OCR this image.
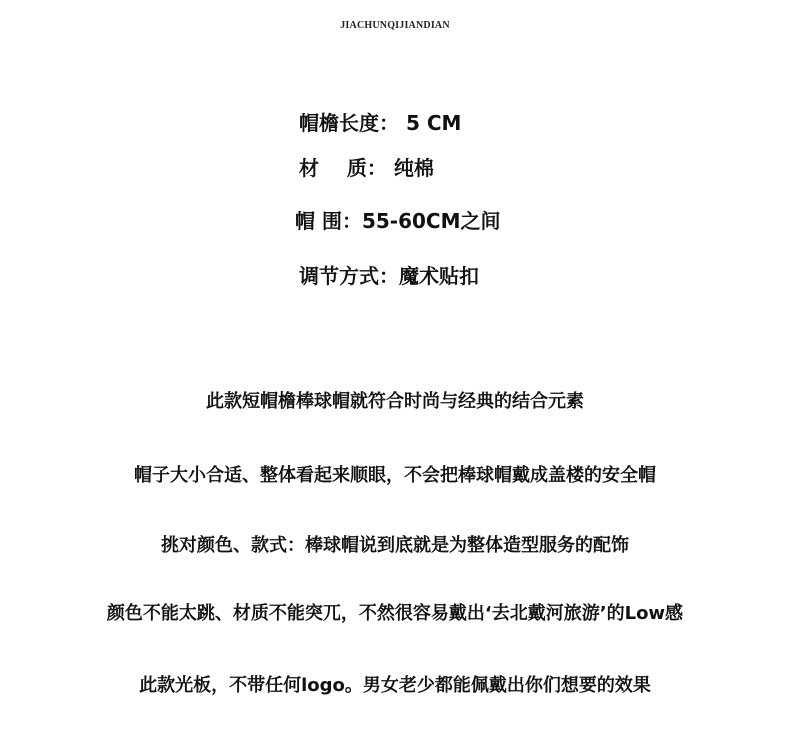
JIACHUNQIJIANDIAN
帽檐长度： 5 CM
材    质： 纯棉
帽 围：55-60CM之间
调节方式：魔术贴扣
此款短帽檐棒球帽就符合时尚与经典的结合元素
帽子大小合适、整体看起来顺眼，不会把棒球帽戴成盖楼的安全帽
挑对颜色、款式：棒球帽说到底就是为整体造型服务的配饰
颜色不能太跳、材质不能突兀，不然很容易戴出‘去北戴河旅游’的Low感
此款光板，不带任何logo。男女老少都能佩戴出你们想要的效果
